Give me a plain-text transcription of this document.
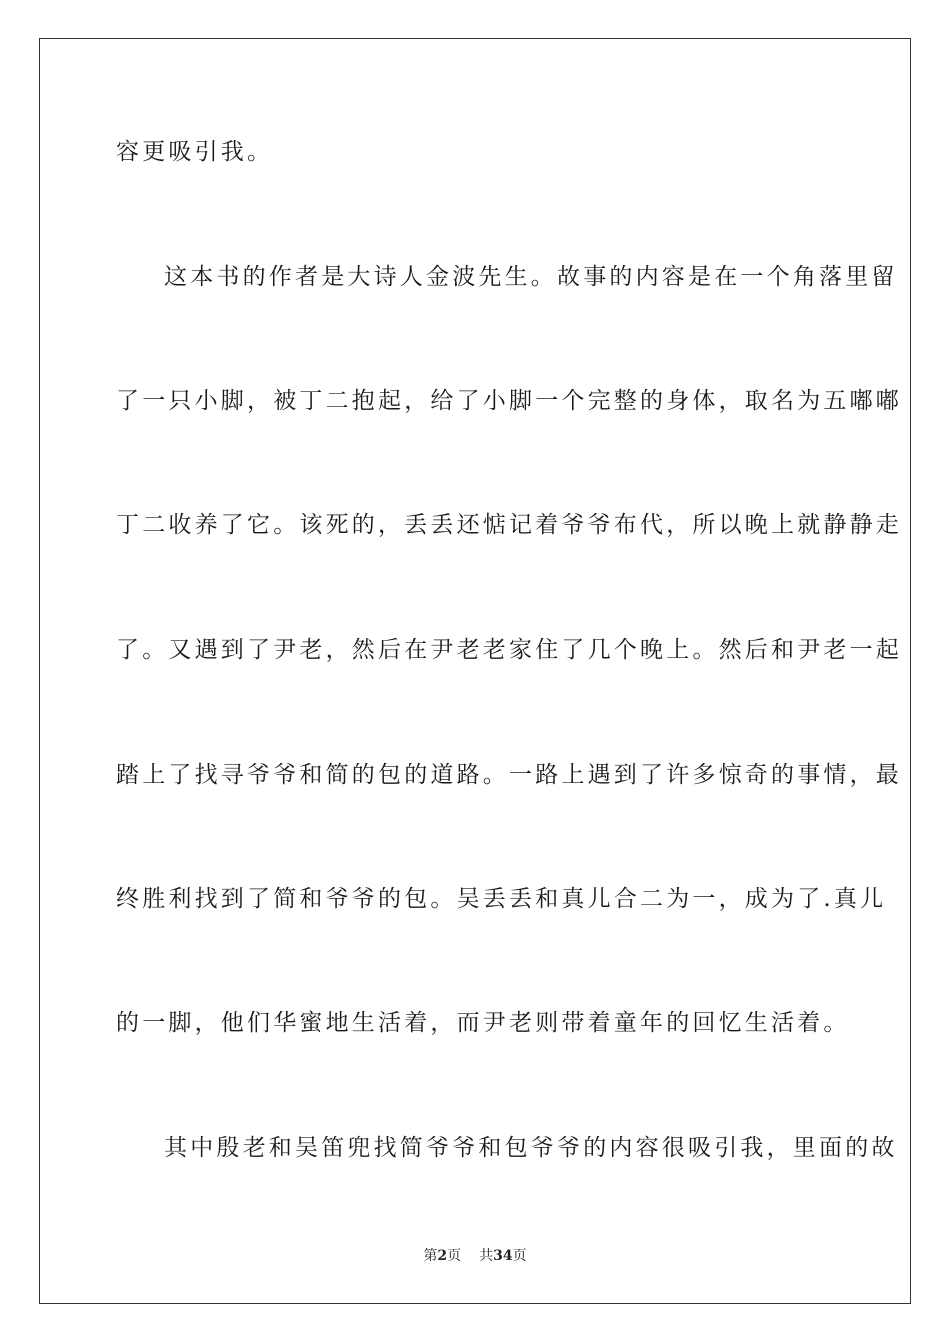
容更吸引我。
这本书的作者是大诗人金波先生。故事的内容是在一个角落里留
了一只小脚，被丁二抱起，给了小脚一个完整的身体，取名为五嘟嘟
丁二收养了它。该死的，丢丢还惦记着爷爷布代，所以晚上就静静走
了。又遇到了尹老，然后在尹老老家住了几个晚上。然后和尹老一起
踏上了找寻爷爷和简的包的道路。一路上遇到了许多惊奇的事情，最
终胜利找到了简和爷爷的包。吴丢丢和真儿合二为一，成为了.真儿
的一脚，他们华蜜地生活着，而尹老则带着童年的回忆生活着。
其中殷老和吴笛兜找简爷爷和包爷爷的内容很吸引我，里面的故
第2页 共34页
